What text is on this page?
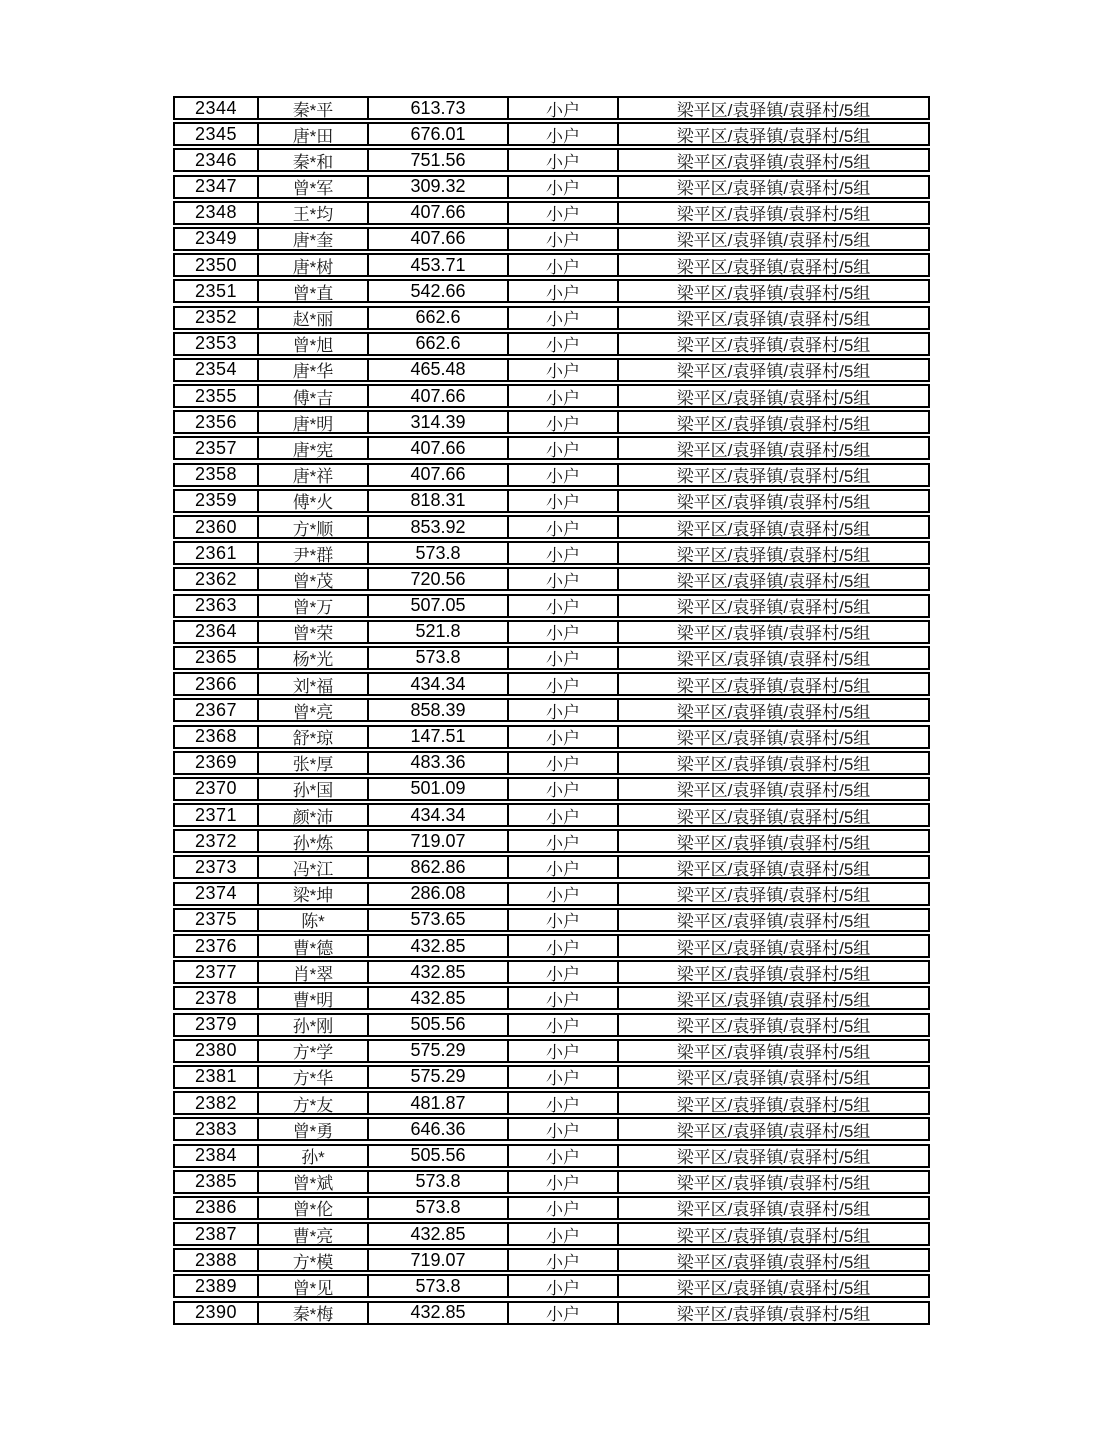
2344	秦*平	613.73	小户	梁平区/袁驿镇/袁驿村/5组
2345	唐*田	676.01	小户	梁平区/袁驿镇/袁驿村/5组
2346	秦*和	751.56	小户	梁平区/袁驿镇/袁驿村/5组
2347	曾*军	309.32	小户	梁平区/袁驿镇/袁驿村/5组
2348	王*均	407.66	小户	梁平区/袁驿镇/袁驿村/5组
2349	唐*奎	407.66	小户	梁平区/袁驿镇/袁驿村/5组
2350	唐*树	453.71	小户	梁平区/袁驿镇/袁驿村/5组
2351	曾*直	542.66	小户	梁平区/袁驿镇/袁驿村/5组
2352	赵*丽	662.6	小户	梁平区/袁驿镇/袁驿村/5组
2353	曾*旭	662.6	小户	梁平区/袁驿镇/袁驿村/5组
2354	唐*华	465.48	小户	梁平区/袁驿镇/袁驿村/5组
2355	傅*吉	407.66	小户	梁平区/袁驿镇/袁驿村/5组
2356	唐*明	314.39	小户	梁平区/袁驿镇/袁驿村/5组
2357	唐*宪	407.66	小户	梁平区/袁驿镇/袁驿村/5组
2358	唐*祥	407.66	小户	梁平区/袁驿镇/袁驿村/5组
2359	傅*火	818.31	小户	梁平区/袁驿镇/袁驿村/5组
2360	方*顺	853.92	小户	梁平区/袁驿镇/袁驿村/5组
2361	尹*群	573.8	小户	梁平区/袁驿镇/袁驿村/5组
2362	曾*茂	720.56	小户	梁平区/袁驿镇/袁驿村/5组
2363	曾*万	507.05	小户	梁平区/袁驿镇/袁驿村/5组
2364	曾*荣	521.8	小户	梁平区/袁驿镇/袁驿村/5组
2365	杨*光	573.8	小户	梁平区/袁驿镇/袁驿村/5组
2366	刘*福	434.34	小户	梁平区/袁驿镇/袁驿村/5组
2367	曾*亮	858.39	小户	梁平区/袁驿镇/袁驿村/5组
2368	舒*琼	147.51	小户	梁平区/袁驿镇/袁驿村/5组
2369	张*厚	483.36	小户	梁平区/袁驿镇/袁驿村/5组
2370	孙*国	501.09	小户	梁平区/袁驿镇/袁驿村/5组
2371	颜*沛	434.34	小户	梁平区/袁驿镇/袁驿村/5组
2372	孙*炼	719.07	小户	梁平区/袁驿镇/袁驿村/5组
2373	冯*江	862.86	小户	梁平区/袁驿镇/袁驿村/5组
2374	梁*坤	286.08	小户	梁平区/袁驿镇/袁驿村/5组
2375	陈*	573.65	小户	梁平区/袁驿镇/袁驿村/5组
2376	曹*德	432.85	小户	梁平区/袁驿镇/袁驿村/5组
2377	肖*翠	432.85	小户	梁平区/袁驿镇/袁驿村/5组
2378	曹*明	432.85	小户	梁平区/袁驿镇/袁驿村/5组
2379	孙*刚	505.56	小户	梁平区/袁驿镇/袁驿村/5组
2380	方*学	575.29	小户	梁平区/袁驿镇/袁驿村/5组
2381	方*华	575.29	小户	梁平区/袁驿镇/袁驿村/5组
2382	方*友	481.87	小户	梁平区/袁驿镇/袁驿村/5组
2383	曾*勇	646.36	小户	梁平区/袁驿镇/袁驿村/5组
2384	孙*	505.56	小户	梁平区/袁驿镇/袁驿村/5组
2385	曾*斌	573.8	小户	梁平区/袁驿镇/袁驿村/5组
2386	曾*伦	573.8	小户	梁平区/袁驿镇/袁驿村/5组
2387	曹*亮	432.85	小户	梁平区/袁驿镇/袁驿村/5组
2388	方*模	719.07	小户	梁平区/袁驿镇/袁驿村/5组
2389	曾*见	573.8	小户	梁平区/袁驿镇/袁驿村/5组
2390	秦*梅	432.85	小户	梁平区/袁驿镇/袁驿村/5组
